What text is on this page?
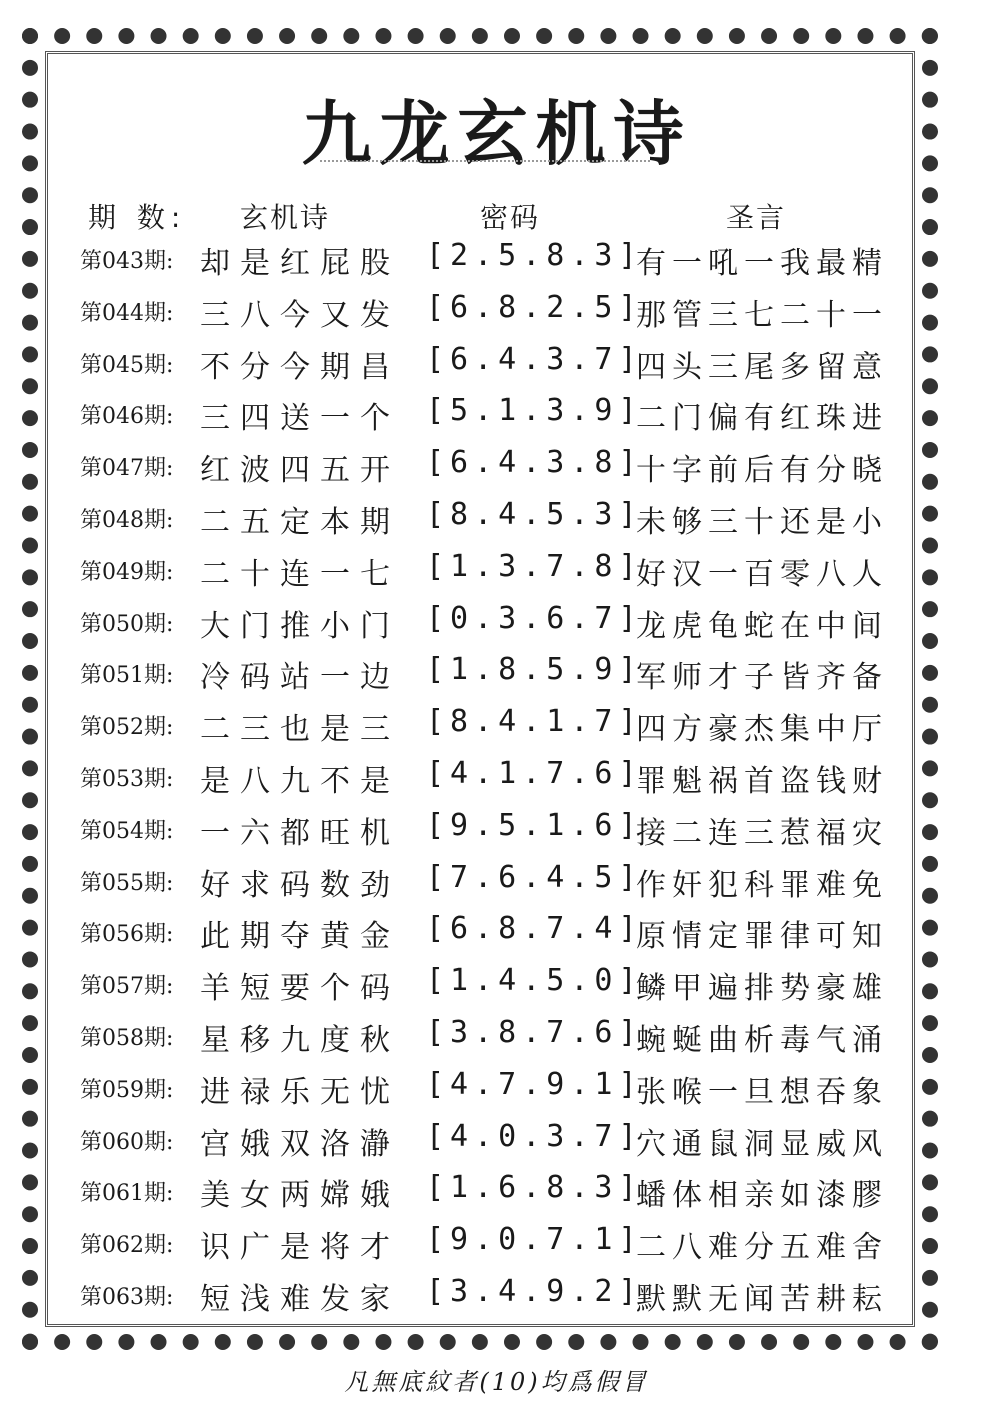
九龙玄机诗
期 数: 玄机诗	密码	圣言
第043期: 却是红屁股 [2.5.8.3]
有一吼一我最精
第044期: 三八今又发 [6.8.2.5]
那管三七二十一
第045期: 不分今期昌 [6.4.3.7]
四头三尾多留意
第046期: 三四送一个 [5.1.3.9]
二门偏有红珠进
第047期: 红波四五开 [6.4.3.8]
十字前后有分晓
第048期: 二五定本期 [8.4.5.3]
未够三十还是小
第049期: 二十连一七 [1.3.7.8]
好汉一百零八人
第050期: 大门推小门 [0.3.6.7]
龙虎龟蛇在中间
第051期: 冷码站一边 [1.8.5.9]
军师才子皆齐备
第052期: 二三也是三 [8.4.1.7]
四方豪杰集中厅
第053期: 是八九不是 [4.1.7.6]
罪魁祸首盗钱财
第054期: 一六都旺机 [9.5.1.6]
接二连三惹福灾
第055期: 好求码数劲 [7.6.4.5]
作奸犯科罪难免
第056期: 此期夺黄金 [6.8.7.4]
原情定罪律可知
第057期: 羊短要个码 [1.4.5.0]
鳞甲遍排势豪雄
第058期: 星移九度秋 [3.8.7.6]
蜿蜒曲析毒气涌
第059期: 进禄乐无忧 [4.7.9.1]
张喉一旦想吞象
第060期: 宫娥双洛瀞 [4.0.3.7]
穴通鼠洞显威风
第061期: 美女两嫦娥 [1.6.8.3]
蟠体相亲如漆膠
第062期: 识广是将才 [9.0.7.1]
二八难分五难舍
第063期: 短浅难发家 [3.4.9.2]
默默无闻苦耕耘
凡無底紋者(10)均爲假冒
